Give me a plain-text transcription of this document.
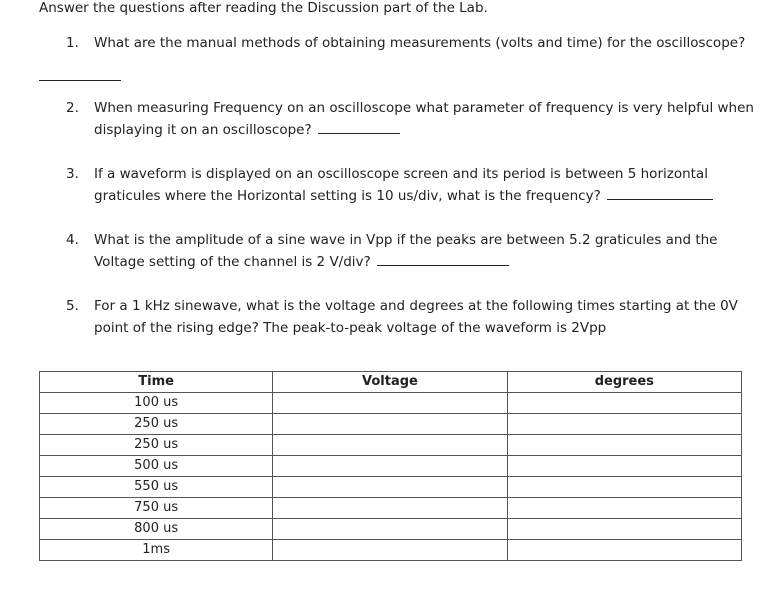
Answer the questions after reading the Discussion part of the Lab.
1. What are the manual methods of obtaining measurements (volts and time) for the oscilloscope?
2. When measuring Frequency on an oscilloscope what parameter of frequency is very helpful when displaying it on an oscilloscope?
3. If a waveform is displayed on an oscilloscope screen and its period is between 5 horizontal graticules where the Horizontal setting is 10 us/div, what is the frequency?
4. What is the amplitude of a sine wave in Vpp if the peaks are between 5.2 graticules and the Voltage setting of the channel is 2 V/div?
5. For a 1 kHz sinewave, what is the voltage and degrees at the following times starting at the 0V point of the rising edge? The peak-to-peak voltage of the waveform is 2Vpp
Time	Voltage	degrees
100 us		
250 us		
250 us		
500 us		
550 us		
750 us		
800 us		
1ms		
